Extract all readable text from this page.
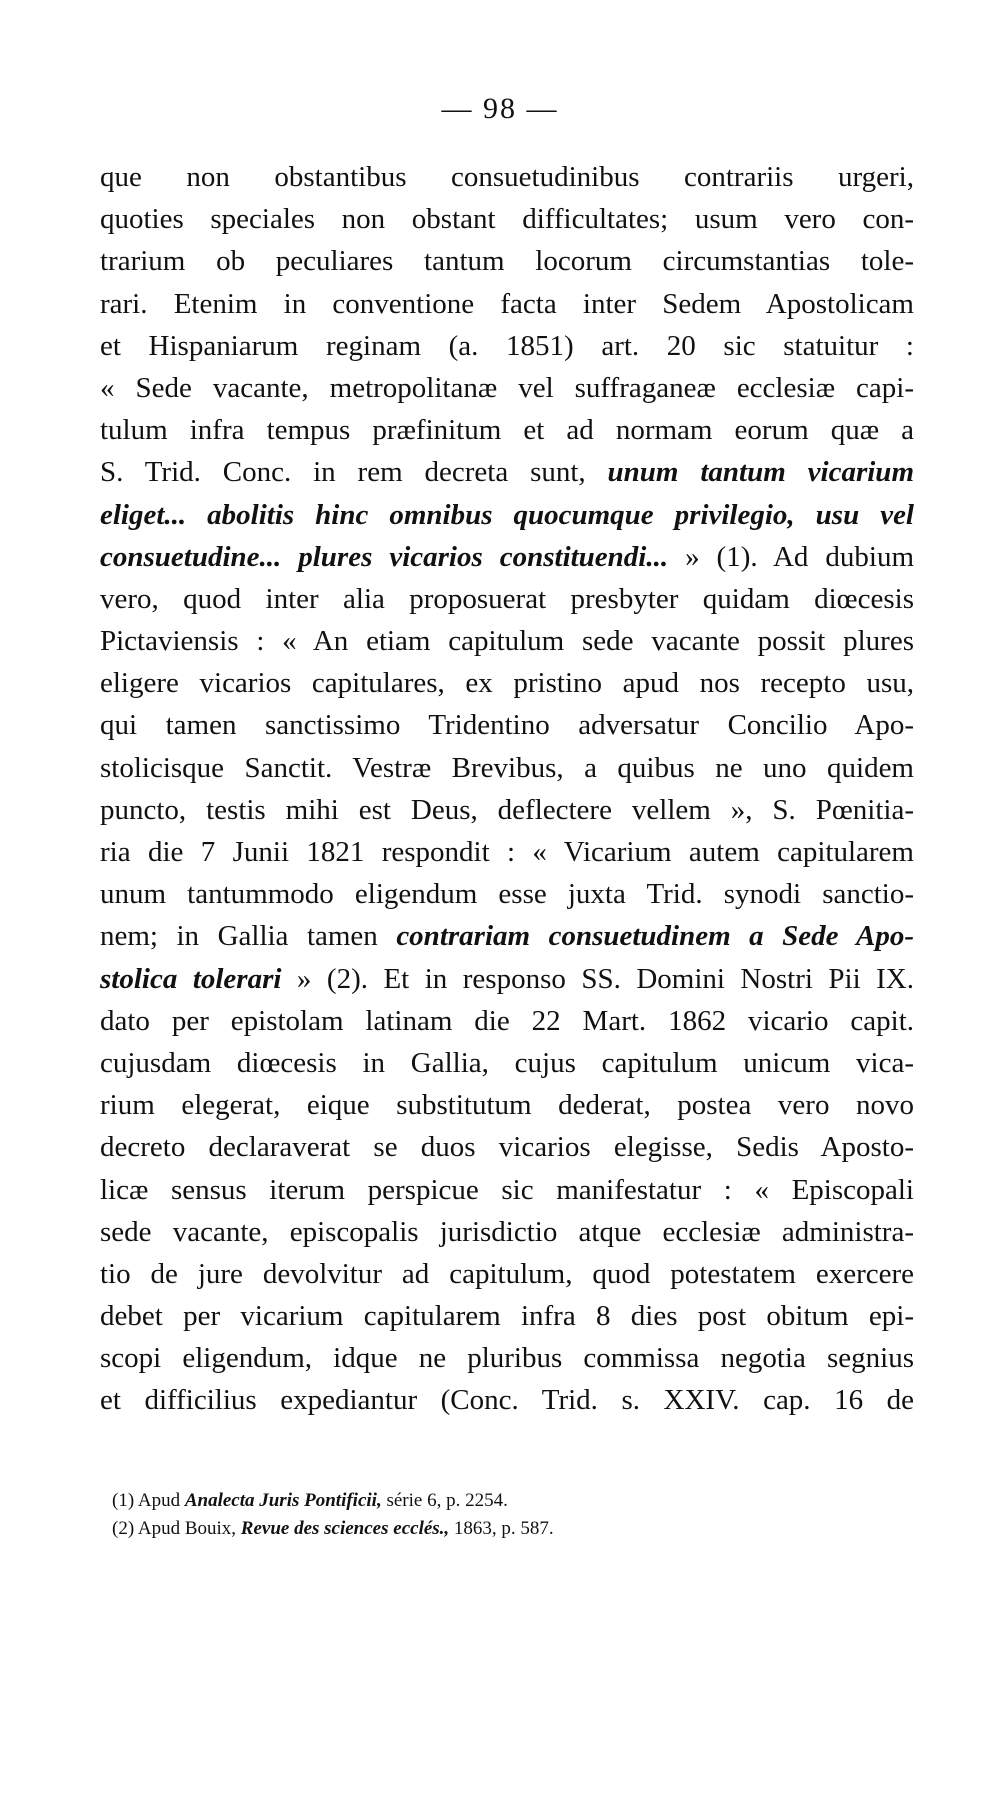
— 98 —
que non obstantibus consuetudinibus contrariis urgeri,
quoties speciales non obstant difficultates; usum vero con-
trarium ob peculiares tantum locorum circumstantias tole-
rari. Etenim in conventione facta inter Sedem Apostolicam
et Hispaniarum reginam (a. 1851) art. 20 sic statuitur :
« Sede vacante, metropolitanæ vel suffraganeæ ecclesiæ capi-
tulum infra tempus præfinitum et ad normam eorum quæ a
S. Trid. Conc. in rem decreta sunt, unum tantum vicarium
eliget... abolitis hinc omnibus quocumque privilegio, usu vel
consuetudine... plures vicarios constituendi... » (1). Ad dubium
vero, quod inter alia proposuerat presbyter quidam diœcesis
Pictaviensis : « An etiam capitulum sede vacante possit plures
eligere vicarios capitulares, ex pristino apud nos recepto usu,
qui tamen sanctissimo Tridentino adversatur Concilio Apo-
stolicisque Sanctit. Vestræ Brevibus, a quibus ne uno quidem
puncto, testis mihi est Deus, deflectere vellem », S. Pœnitia-
ria die 7 Junii 1821 respondit : « Vicarium autem capitularem
unum tantummodo eligendum esse juxta Trid. synodi sanctio-
nem; in Gallia tamen contrariam consuetudinem a Sede Apo-
stolica tolerari » (2). Et in responso SS. Domini Nostri Pii IX.
dato per epistolam latinam die 22 Mart. 1862 vicario capit.
cujusdam diœcesis in Gallia, cujus capitulum unicum vica-
rium elegerat, eique substitutum dederat, postea vero novo
decreto declaraverat se duos vicarios elegisse, Sedis Aposto-
licæ sensus iterum perspicue sic manifestatur : « Episcopali
sede vacante, episcopalis jurisdictio atque ecclesiæ administra-
tio de jure devolvitur ad capitulum, quod potestatem exercere
debet per vicarium capitularem infra 8 dies post obitum epi-
scopi eligendum, idque ne pluribus commissa negotia segnius
et difficilius expediantur (Conc. Trid. s. XXIV. cap. 16 de
(1) Apud Analecta Juris Pontificii, série 6, p. 2254.
(2) Apud Bouix, Revue des sciences ecclés., 1863, p. 587.
